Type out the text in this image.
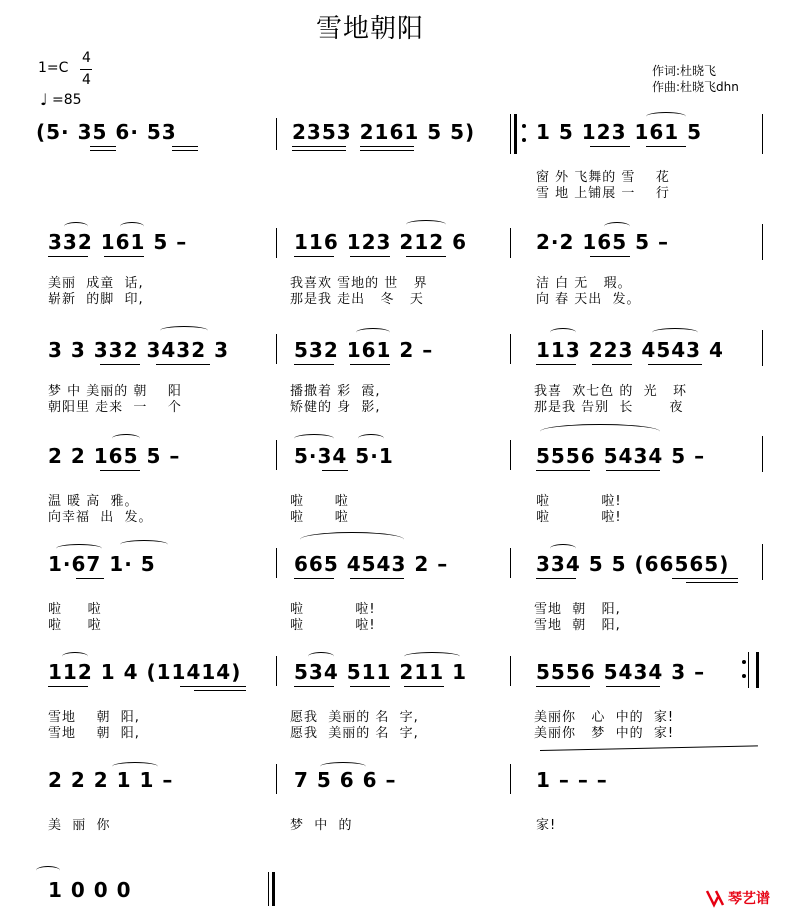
雪地朝阳
1=C
4
4
♩ =85
作词:杜晓飞
作曲:杜晓飞dhn
(5· 35 6· 53	2353 2161 5 5)	1 5 123 161 5
窗 外 飞舞的 雪    花
雪 地 上铺展 一    行
332 161 5 –	116 123 212 6	2·2 165 5 –
美丽  成童  话,
崭新  的脚  印,
我喜欢 雪地的 世   界
那是我 走出   冬   天
洁 白 无   瑕。
向 春 天出  发。
3 3 332 3432 3	532 161 2 –	113 223 4543 4
梦 中 美丽的 朝    阳
朝阳里 走来  一    个
播撒着 彩  霞,
矫健的 身  影,
我喜  欢七色 的  光   环
那是我 告别  长       夜
2 2 165 5 –	5·34 5·1	5556 5434 5 –
温 暖 高  雅。
向幸福  出  发。
啦      啦
啦      啦
啦          啦!
啦          啦!
1·67 1· 5	665 4543 2 –	334 5 5 (66565)
啦     啦
啦     啦
啦          啦!
啦          啦!
雪地  朝   阳,
雪地  朝   阳,
112 1 4 (11414)	534 511 211 1	5556 5434 3 –
雪地    朝  阳,
雪地    朝  阳,
愿我  美丽的 名  字,
愿我  美丽的 名  字,
美丽你   心  中的  家!
美丽你   梦  中的  家!
2 2 2 1 1 –	7 5 6 6 –	1 – – –
美  丽  你	梦  中  的	家!
1 0 0 0	琴艺谱
